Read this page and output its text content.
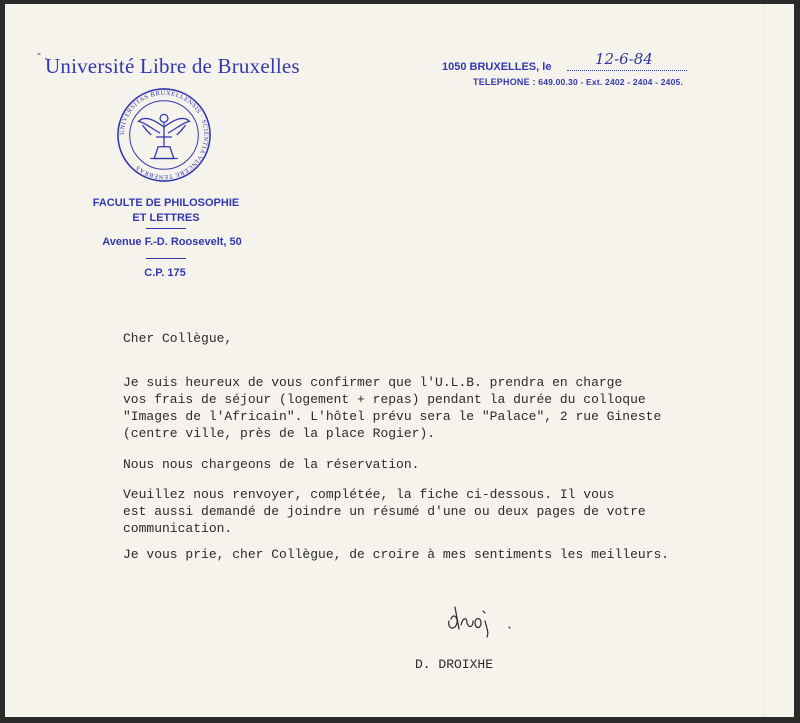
- ˎ
Université Libre de Bruxelles
UNIVERSITAS BRUXELLENSIS · SCIENTIA VINCERE TENEBRAS ·
FACULTE DE PHILOSOPHIE
ET LETTRES
Avenue F.-D. Roosevelt, 50
C.P. 175
1050 BRUXELLES, le	12-6-84
TELEPHONE : 649.00.30 - Ext. 2402 - 2404 - 2405.
Cher Collègue,
Je suis heureux de vous confirmer que l'U.L.B. prendra en charge
vos frais de séjour (logement + repas) pendant la durée du colloque
"Images de l'Africain". L'hôtel prévu sera le "Palace", 2 rue Gineste
(centre ville, près de la place Rogier).
Nous nous chargeons de la réservation.
Veuillez nous renvoyer, complétée, la fiche ci-dessous. Il vous
est aussi demandé de joindre un résumé d'une ou deux pages de votre
communication.
Je vous prie, cher Collègue, de croire à mes sentiments les meilleurs.
D. DROIXHE
